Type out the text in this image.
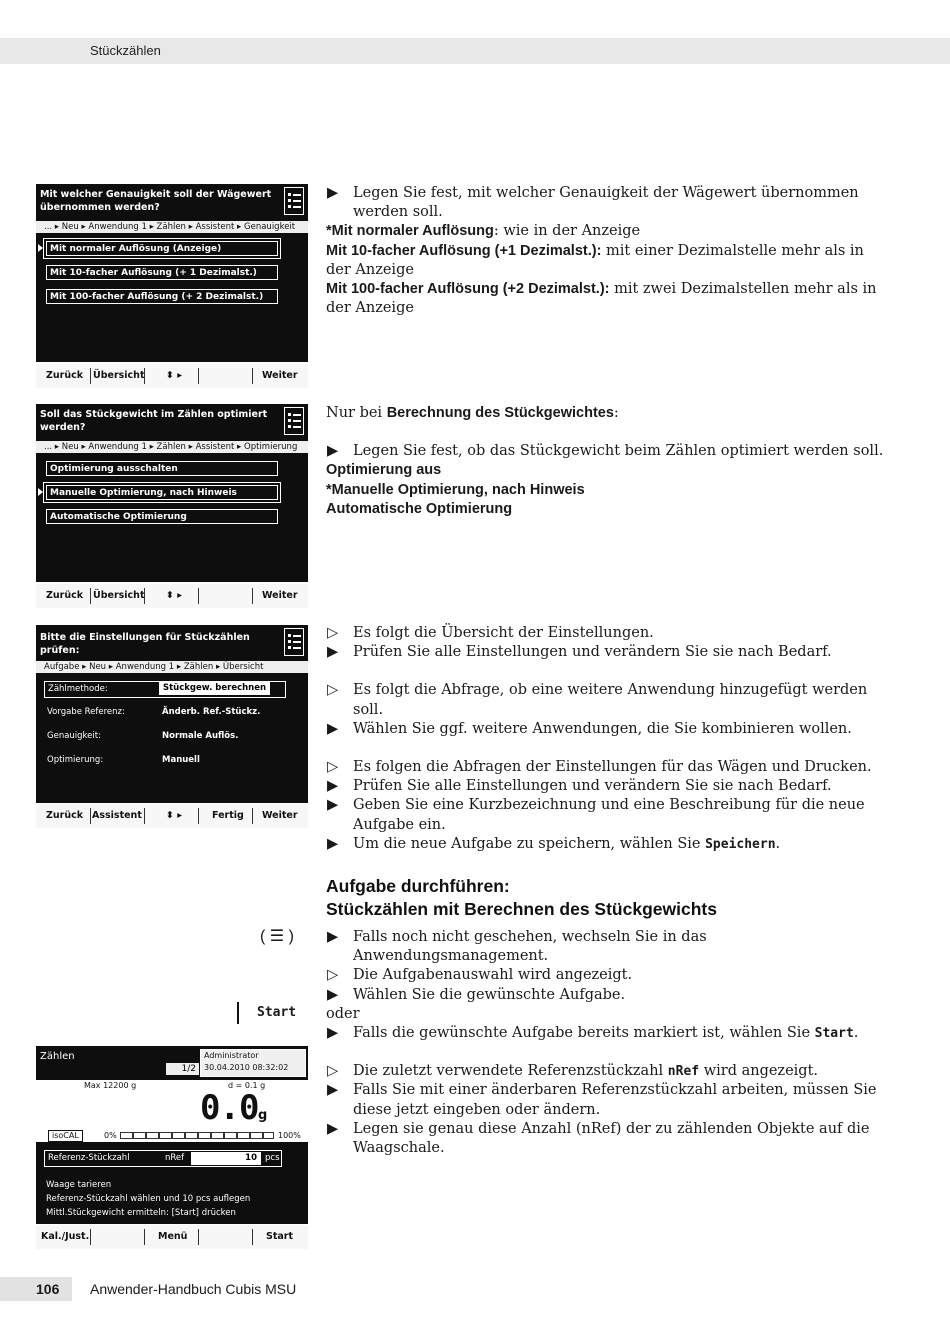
Stückzählen
106 Anwender-Handbuch Cubis MSU
Mit welcher Genauigkeit soll der Wägewert übernommen werden?
... ▸ Neu ▸ Anwendung 1 ▸ Zählen ▸ Assistent ▸ Genauigkeit
Mit normaler Auflösung (Anzeige)
Mit 10-facher Auflösung (+ 1 Dezimalst.)
Mit 100-facher Auflösung (+ 2 Dezimalst.)
Zurück Übersicht ⬍ ▸	Weiter
Soll das Stückgewicht im Zählen optimiert werden?
... ▸ Neu ▸ Anwendung 1 ▸ Zählen ▸ Assistent ▸ Optimierung
Optimierung ausschalten
Manuelle Optimierung, nach Hinweis
Automatische Optimierung
Zurück Übersicht ⬍ ▸	Weiter
Bitte die Einstellungen für Stückzählen prüfen:
Aufgabe ▸ Neu ▸ Anwendung 1 ▸ Zählen ▸ Übersicht
Zählmethode:	Stückgew. berechnen
Vorgabe Referenz:	Änderb. Ref.-Stückz.
Genauigkeit:	Normale Auflös.
Optimierung:	Manuell
Zurück Assistent	⬍ ▸	Fertig Weiter
( ☰ )
Start
Zählen
1/2
Administrator
30.04.2010 08:32:02
Max 12200 g	d = 0.1 g
0.0 g
isoCAL	0%	100%
Referenz-Stückzahl	nRef	10 pcs
Waage tarieren
Referenz-Stückzahl wählen und 10 pcs auflegen
Mittl.Stückgewicht ermitteln: [Start] drücken
Kal./Just.	Menü	Start
▶ Legen Sie fest, mit welcher Genauigkeit der Wägewert übernommen werden soll.
*Mit normaler Auflösung: wie in der Anzeige
Mit 10-facher Auflösung (+1 Dezimalst.): mit einer Dezimalstelle mehr als in der Anzeige
Mit 100-facher Auflösung (+2 Dezimalst.): mit zwei Dezimalstellen mehr als in der Anzeige
Nur bei Berechnung des Stückgewichtes:
▶ Legen Sie fest, ob das Stückgewicht beim Zählen optimiert werden soll.
Optimierung aus
*Manuelle Optimierung, nach Hinweis
Automatische Optimierung
▷ Es folgt die Übersicht der Einstellungen.
▶ Prüfen Sie alle Einstellungen und verändern Sie sie nach Bedarf.
▷ Es folgt die Abfrage, ob eine weitere Anwendung hinzugefügt werden soll.
▶ Wählen Sie ggf. weitere Anwendungen, die Sie kombinieren wollen.
▷ Es folgen die Abfragen der Einstellungen für das Wägen und Drucken.
▶ Prüfen Sie alle Einstellungen und verändern Sie sie nach Bedarf.
▶ Geben Sie eine Kurzbezeichnung und eine Beschreibung für die neue Aufgabe ein.
▶ Um die neue Aufgabe zu speichern, wählen Sie Speichern.
Aufgabe durchführen:
Stückzählen mit Berechnen des Stückgewichts
▶ Falls noch nicht geschehen, wechseln Sie in das Anwendungsmanagement.
▷ Die Aufgabenauswahl wird angezeigt.
▶ Wählen Sie die gewünschte Aufgabe.
oder
▶ Falls die gewünschte Aufgabe bereits markiert ist, wählen Sie Start.
▷ Die zuletzt verwendete Referenzstückzahl nRef wird angezeigt.
▶ Falls Sie mit einer änderbaren Referenzstückzahl arbeiten, müssen Sie diese jetzt eingeben oder ändern.
▶ Legen sie genau diese Anzahl (nRef) der zu zählenden Objekte auf die Waagschale.
